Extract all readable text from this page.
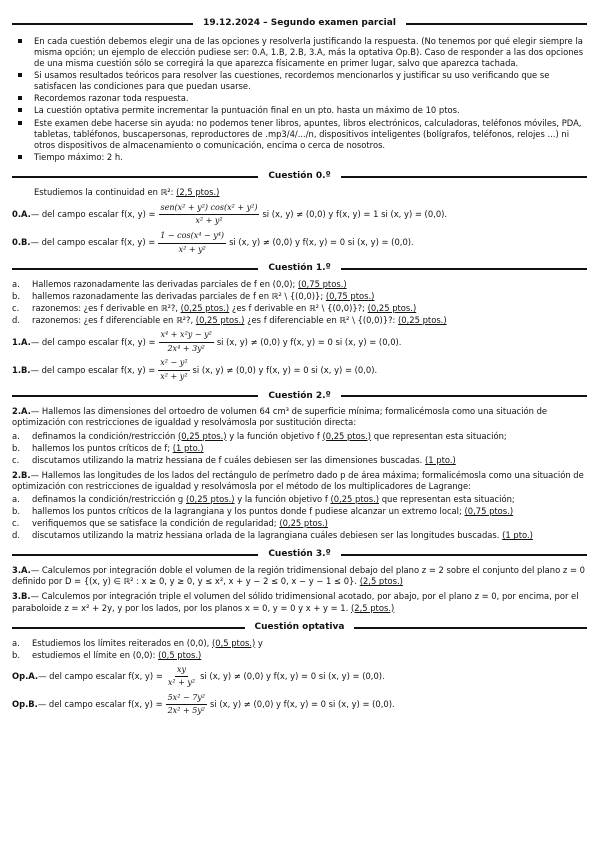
19.12.2024 – Segundo examen parcial
En cada cuestión debemos elegir una de las opciones y resolverla justificando la respuesta. (No tenemos por qué elegir siempre la misma opción; un ejemplo de elección pudiese ser: 0.A, 1.B, 2.B, 3.A, más la optativa Op.B). Caso de responder a las dos opciones de una misma cuestión sólo se corregirá la que aparezca físicamente en primer lugar, salvo que aparezca tachada.
Si usamos resultados teóricos para resolver las cuestiones, recordemos mencionarlos y justificar su uso verificando que se satisfacen las condiciones para que puedan usarse.
Recordemos razonar toda respuesta.
La cuestión optativa permite incrementar la puntuación final en un pto. hasta un máximo de 10 ptos.
Este examen debe hacerse sin ayuda: no podemos tener libros, apuntes, libros electrónicos, calculadoras, teléfonos móviles, PDA, tabletas, tabléfonos, buscapersonas, reproductores de .mp3/4/.../n, dispositivos inteligentes (bolígrafos, teléfonos, relojes ...) ni otros dispositivos de almacenamiento o comunicación, encima o cerca de nosotros.
Tiempo máximo: 2 h.
Cuestión 0.º
Estudiemos la continuidad en ℝ²: (2,5 ptos.)
0.A. — del campo escalar f(x, $y) = \frac{\text{sen(x² + y²) cos(x² + y²)}}{\text{x² + y²}}$ si (x, y) ≠ (0,0) y f(x, y) = 1 si (x, y) = (0,0).
0.B. — del campo escalar f(x, $y) = \frac{\text{1 − cos(x⁴ − y⁴)}}{\text{x² + y²}}$ si (x, y) ≠ (0,0) y f(x, y) = 0 si (x, y) = (0,0).
Cuestión 1.º
a. Hallemos razonadamente las derivadas parciales de f en (0,0); (0,75 ptos.)
b. hallemos razonadamente las derivadas parciales de f en ℝ² \ {(0,0)}; (0,75 ptos.)
c.	razonemos: ¿es f derivable en ℝ²?, (0,25 ptos.) ¿es f derivable en ℝ² \ {(0,0)}?; (0,25 ptos.)
d. razonemos: ¿es f diferenciable en ℝ²?, (0,25 ptos.) ¿es f diferenciable en ℝ² \ {(0,0)}?: (0,25 ptos.)
1.A. — del campo escalar f(x, $y) = \frac{\text{x⁴ + x²y − y²}}{\text{2x⁴ + 3y²}}$ si (x, y) ≠ (0,0) y f(x, y) = 0 si (x, y) = (0,0).
1.B. — del campo escalar f(x, $y) = \frac{\text{x² − y²}}{\text{x² + y²}}$ si (x, y) ≠ (0,0) y f(x, y) = 0 si (x, y) = (0,0).
Cuestión 2.º

2.A.— Hallemos las dimensiones del ortoedro de volumen 64 cm³ de superficie mínima; formalicémosla como una situación de optimización con restricciones de igualdad y resolvámosla por sustitución directa:

a. definamos la condición/restricción (0,25 ptos.) y la función objetivo f (0,25 ptos.) que representan esta situación;
b. hallemos los puntos críticos de f; (1 pto.)
c.	discutamos utilizando la matriz hessiana de f cuáles debiesen ser las dimensiones buscadas. (1 pto.)

2.B.— Hallemos las longitudes de los lados del rectángulo de perímetro dado p de área máxima; formalicémosla como una situación de optimización con restricciones de igualdad y resolvámosla por el método de los multiplicadores de Lagrange:

a. definamos la condición/restricción g (0,25 ptos.) y la función objetivo f (0,25 ptos.) que representan esta situación;
b. hallemos los puntos críticos de la lagrangiana y los puntos donde f pudiese alcanzar un extremo local; (0,75 ptos.)
c.	verifiquemos que se satisface la condición de regularidad; (0,25 ptos.)
d. discutamos utilizando la matriz hessiana orlada de la lagrangiana cuáles debiesen ser las longitudes buscadas. (1 pto.)
Cuestión 3.º

3.A.— Calculemos por integración doble el volumen de la región tridimensional debajo del plano z = 2 sobre el conjunto del plano z = 0 definido por D = {(x, y) ∈ ℝ² : x ≥ 0, y ≥ 0, y ≤ x², x + y − 2 ≤ 0, x − y − 1 ≤ 0}. (2,5 ptos.)

3.B.— Calculemos por integración triple el volumen del sólido tridimensional acotado, por abajo, por el plano z = 0, por encima, por el paraboloide z = x² + 2y, y por los lados, por los planos x = 0, y = 0 y x + y = 1. (2,5 ptos.)

Cuestión optativa
a. Estudiemos los límites reiterados en (0,0), (0,5 ptos.) y
b. estudiemos el límite en (0,0): (0,5 ptos.)
Op.A. — del campo escalar f(x, $y) = \frac{xy}{\text{x² + y²}}$ si (x, y) ≠ (0,0) y f(x, y) = 0 si (x, y) = (0,0).
Op.B. — del campo escalar f(x, $y) = \frac{\text{5x² − 7y²}}{\text{2x² + 5y²}}$ si (x, y) ≠ (0,0) y f(x, y) = 0 si (x, y) = (0,0).
